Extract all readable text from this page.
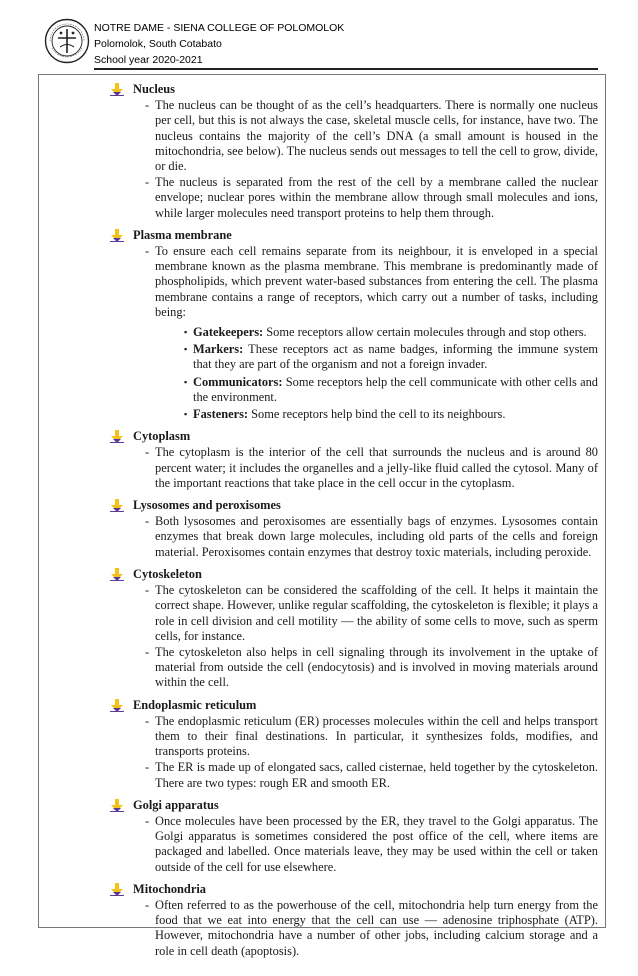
NOTRE DAME - SIENA COLLEGE OF POLOMOLOK
Polomolok, South Cotabato
School year 2020-2021
Nucleus
- The nucleus can be thought of as the cell’s headquarters. There is normally one nucleus per cell, but this is not always the case, skeletal muscle cells, for instance, have two. The nucleus contains the majority of the cell’s DNA (a small amount is housed in the mitochondria, see below). The nucleus sends out messages to tell the cell to grow, divide, or die.
- The nucleus is separated from the rest of the cell by a membrane called the nuclear envelope; nuclear pores within the membrane allow through small molecules and ions, while larger molecules need transport proteins to help them through.
Plasma membrane
- To ensure each cell remains separate from its neighbour, it is enveloped in a special membrane known as the plasma membrane. This membrane is predominantly made of phospholipids, which prevent water-based substances from entering the cell. The plasma membrane contains a range of receptors, which carry out a number of tasks, including being:
▪ Gatekeepers: Some receptors allow certain molecules through and stop others.
▪ Markers: These receptors act as name badges, informing the immune system that they are part of the organism and not a foreign invader.
▪ Communicators: Some receptors help the cell communicate with other cells and the environment.
▪ Fasteners: Some receptors help bind the cell to its neighbours.
Cytoplasm
- The cytoplasm is the interior of the cell that surrounds the nucleus and is around 80 percent water; it includes the organelles and a jelly-like fluid called the cytosol. Many of the important reactions that take place in the cell occur in the cytoplasm.
Lysosomes and peroxisomes
- Both lysosomes and peroxisomes are essentially bags of enzymes. Lysosomes contain enzymes that break down large molecules, including old parts of the cells and foreign material. Peroxisomes contain enzymes that destroy toxic materials, including peroxide.
Cytoskeleton
- The cytoskeleton can be considered the scaffolding of the cell. It helps it maintain the correct shape. However, unlike regular scaffolding, the cytoskeleton is flexible; it plays a role in cell division and cell motility — the ability of some cells to move, such as sperm cells, for instance.
- The cytoskeleton also helps in cell signaling through its involvement in the uptake of material from outside the cell (endocytosis) and is involved in moving materials around within the cell.
Endoplasmic reticulum
- The endoplasmic reticulum (ER) processes molecules within the cell and helps transport them to their final destinations. In particular, it synthesizes folds, modifies, and transports proteins.
- The ER is made up of elongated sacs, called cisternae, held together by the cytoskeleton. There are two types: rough ER and smooth ER.
Golgi apparatus
- Once molecules have been processed by the ER, they travel to the Golgi apparatus. The Golgi apparatus is sometimes considered the post office of the cell, where items are packaged and labelled. Once materials leave, they may be used within the cell or taken outside of the cell for use elsewhere.
Mitochondria
- Often referred to as the powerhouse of the cell, mitochondria help turn energy from the food that we eat into energy that the cell can use — adenosine triphosphate (ATP). However, mitochondria have a number of other jobs, including calcium storage and a role in cell death (apoptosis).
